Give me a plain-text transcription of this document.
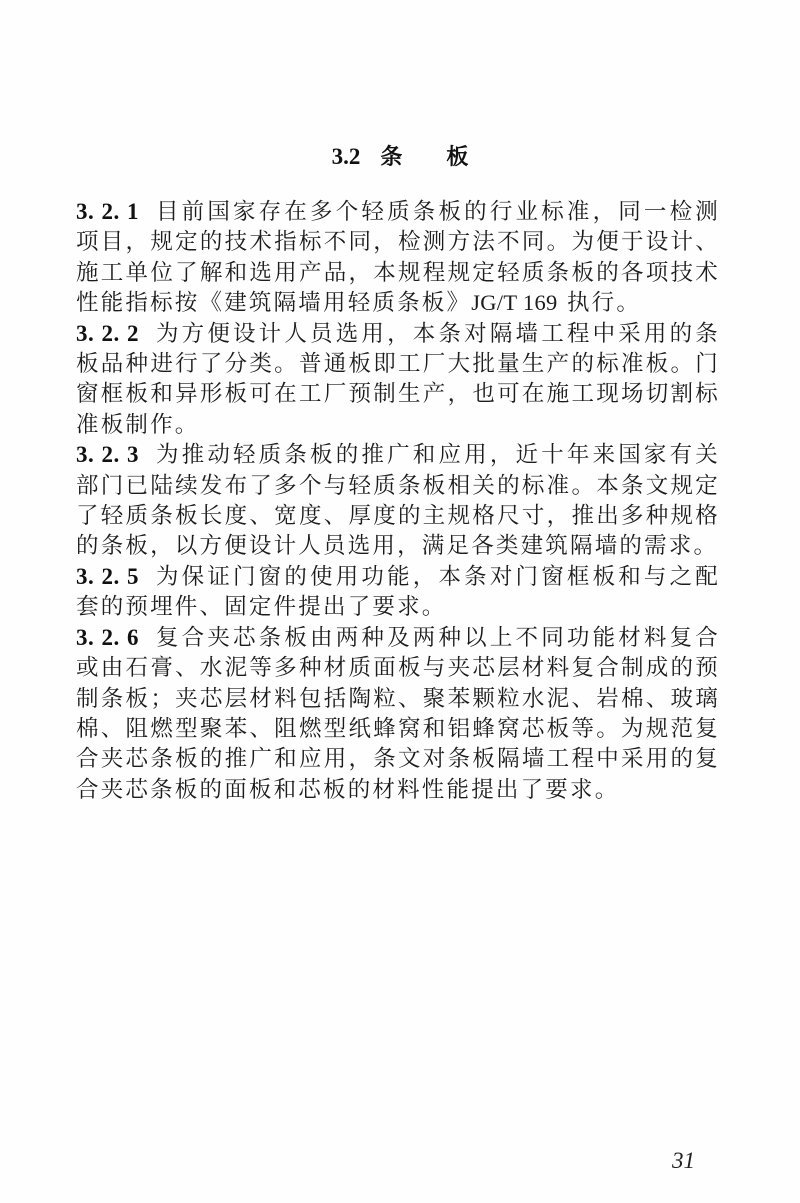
3.2 条 板

3. 2. 1 目前国家存在多个轻质条板的行业标准，同一检测项目，规定的技术指标不同，检测方法不同。为便于设计、施工单位了解和选用产品，本规程规定轻质条板的各项技术性能指标按《建筑隔墙用轻质条板》JG/T 169 执行。

3. 2. 2 为方便设计人员选用，本条对隔墙工程中采用的条板品种进行了分类。普通板即工厂大批量生产的标准板。门窗框板和异形板可在工厂预制生产，也可在施工现场切割标准板制作。

3. 2. 3 为推动轻质条板的推广和应用，近十年来国家有关部门已陆续发布了多个与轻质条板相关的标准。本条文规定了轻质条板长度、宽度、厚度的主规格尺寸，推出多种规格的条板，以方便设计人员选用，满足各类建筑隔墙的需求。

3. 2. 5 为保证门窗的使用功能，本条对门窗框板和与之配套的预埋件、固定件提出了要求。

3. 2. 6 复合夹芯条板由两种及两种以上不同功能材料复合或由石膏、水泥等多种材质面板与夹芯层材料复合制成的预制条板；夹芯层材料包括陶粒、聚苯颗粒水泥、岩棉、玻璃棉、阻燃型聚苯、阻燃型纸蜂窝和铝蜂窝芯板等。为规范复合夹芯条板的推广和应用，条文对条板隔墙工程中采用的复合夹芯条板的面板和芯板的材料性能提出了要求。

31
